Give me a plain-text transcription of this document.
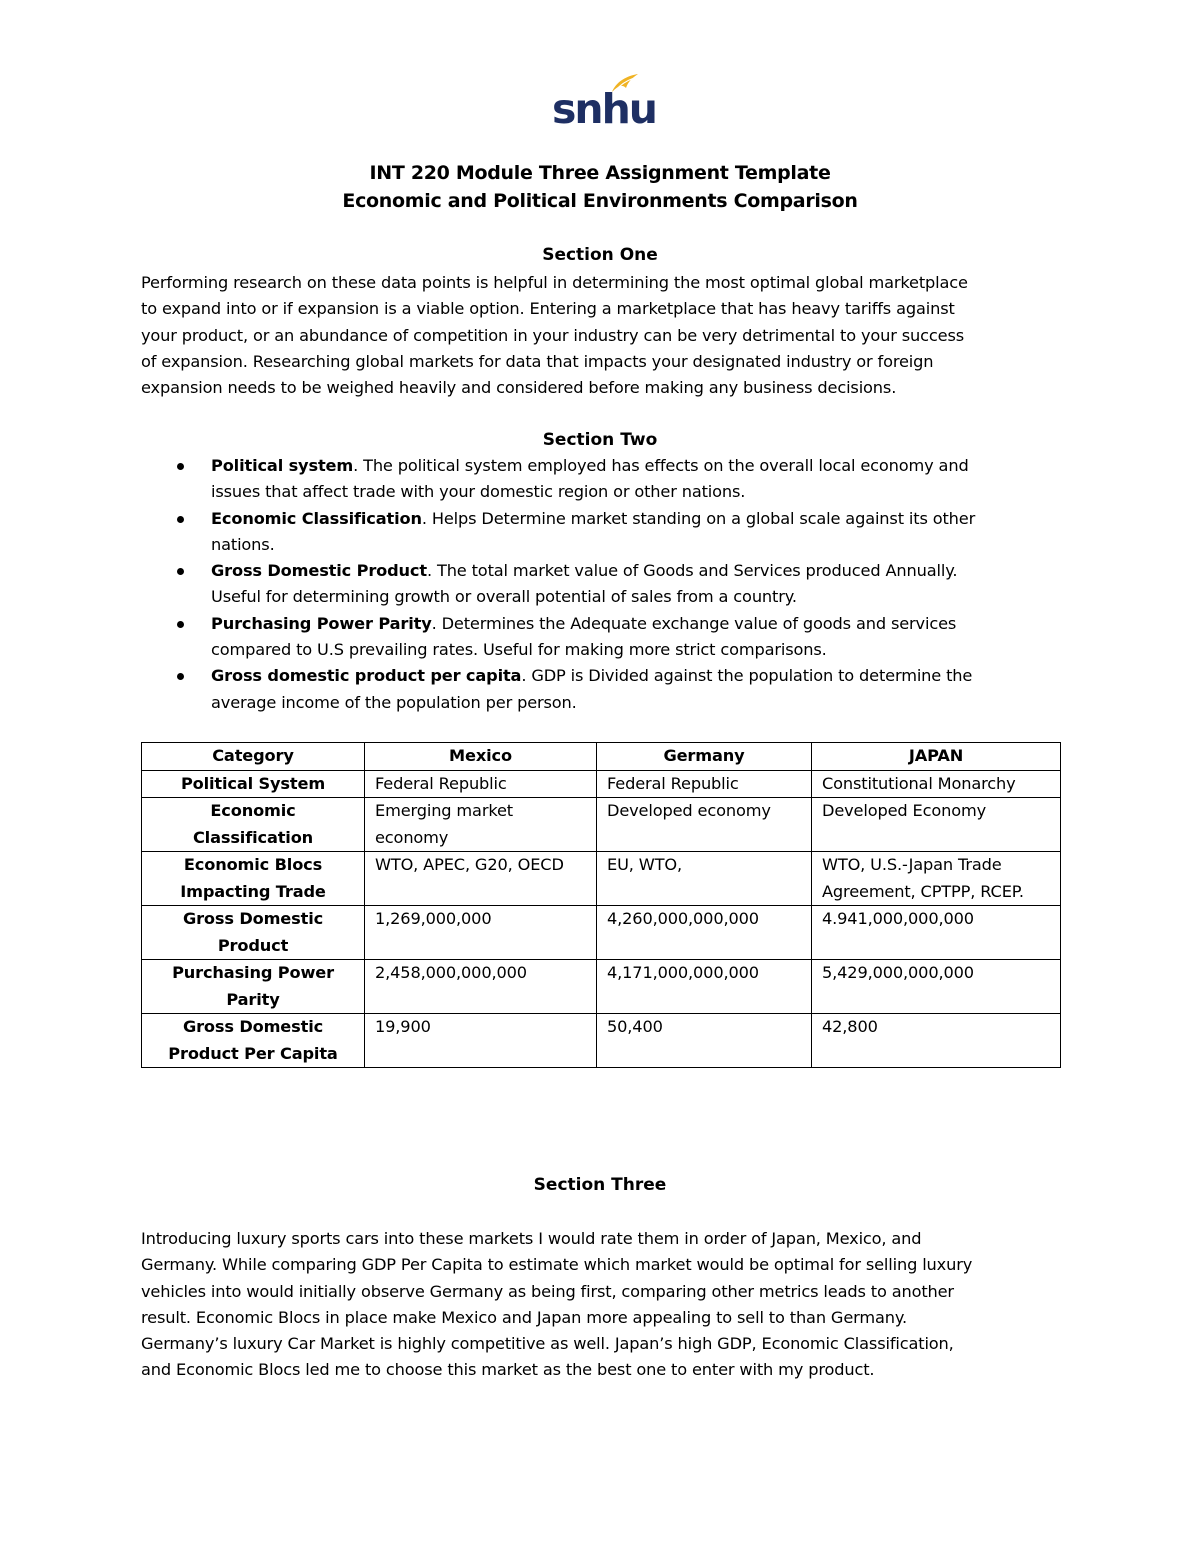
snhu
INT 220 Module Three Assignment Template
Economic and Political Environments Comparison
Section One
Performing research on these data points is helpful in determining the most optimal global marketplace
to expand into or if expansion is a viable option. Entering a marketplace that has heavy tariffs against
your product, or an abundance of competition in your industry can be very detrimental to your success
of expansion. Researching global markets for data that impacts your designated industry or foreign
expansion needs to be weighed heavily and considered before making any business decisions.
Section Two
Political system. The political system employed has effects on the overall local economy and
issues that affect trade with your domestic region or other nations.
Economic Classification. Helps Determine market standing on a global scale against its other
nations.
Gross Domestic Product. The total market value of Goods and Services produced Annually.
Useful for determining growth or overall potential of sales from a country.
Purchasing Power Parity. Determines the Adequate exchange value of goods and services
compared to U.S prevailing rates. Useful for making more strict comparisons.
Gross domestic product per capita. GDP is Divided against the population to determine the
average income of the population per person.
Category	Mexico	Germany	JAPAN
Political System	Federal Republic	Federal Republic	Constitutional Monarchy
Economic Classification	Emerging market economy	Developed economy	Developed Economy
Economic Blocs Impacting Trade	WTO, APEC, G20, OECD	EU, WTO,	WTO, U.S.-Japan Trade Agreement, CPTPP, RCEP.
Gross Domestic Product	1,269,000,000	4,260,000,000,000	4.941,000,000,000
Purchasing Power Parity	2,458,000,000,000	4,171,000,000,000	5,429,000,000,000
Gross Domestic Product Per Capita	19,900	50,400	42,800
Section Three
Introducing luxury sports cars into these markets I would rate them in order of Japan, Mexico, and
Germany. While comparing GDP Per Capita to estimate which market would be optimal for selling luxury
vehicles into would initially observe Germany as being first, comparing other metrics leads to another
result. Economic Blocs in place make Mexico and Japan more appealing to sell to than Germany.
Germany’s luxury Car Market is highly competitive as well. Japan’s high GDP, Economic Classification,
and Economic Blocs led me to choose this market as the best one to enter with my product.
